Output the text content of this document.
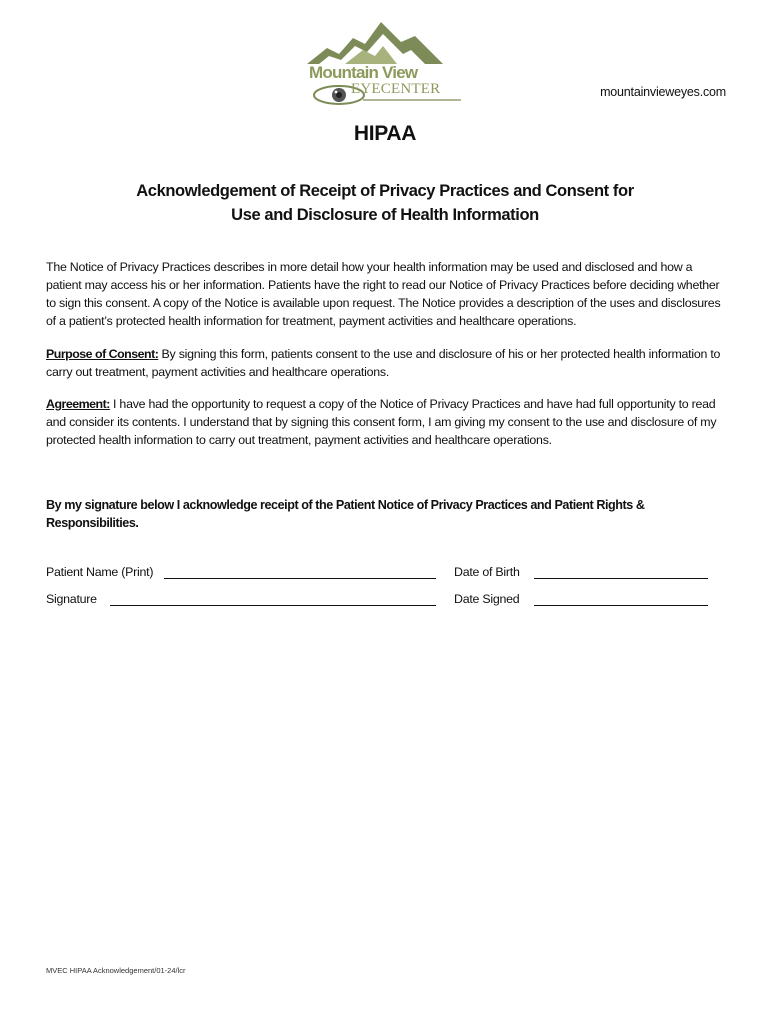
Mountain View
EYECENTER	mountainvieweyes.com
HIPAA
Acknowledgement of Receipt of Privacy Practices and Consent for
Use and Disclosure of Health Information
The Notice of Privacy Practices describes in more detail how your health information may be used and disclosed and how a patient may access his or her information. Patients have the right to read our Notice of Privacy Practices before deciding whether to sign this consent. A copy of the Notice is available upon request. The Notice provides a description of the uses and disclosures of a patient’s protected health information for treatment, payment activities and healthcare operations.
Purpose of Consent: By signing this form, patients consent to the use and disclosure of his or her protected health information to carry out treatment, payment activities and healthcare operations.
Agreement: I have had the opportunity to request a copy of the Notice of Privacy Practices and have had full opportunity to read and consider its contents. I understand that by signing this consent form, I am giving my consent to the use and disclosure of my protected health information to carry out treatment, payment activities and healthcare operations.
By my signature below I acknowledge receipt of the Patient Notice of Privacy Practices and Patient Rights & Responsibilities.
Patient Name (Print)	Date of Birth
Signature	Date Signed
MVEC HIPAA Acknowledgement/01-24/lcr
